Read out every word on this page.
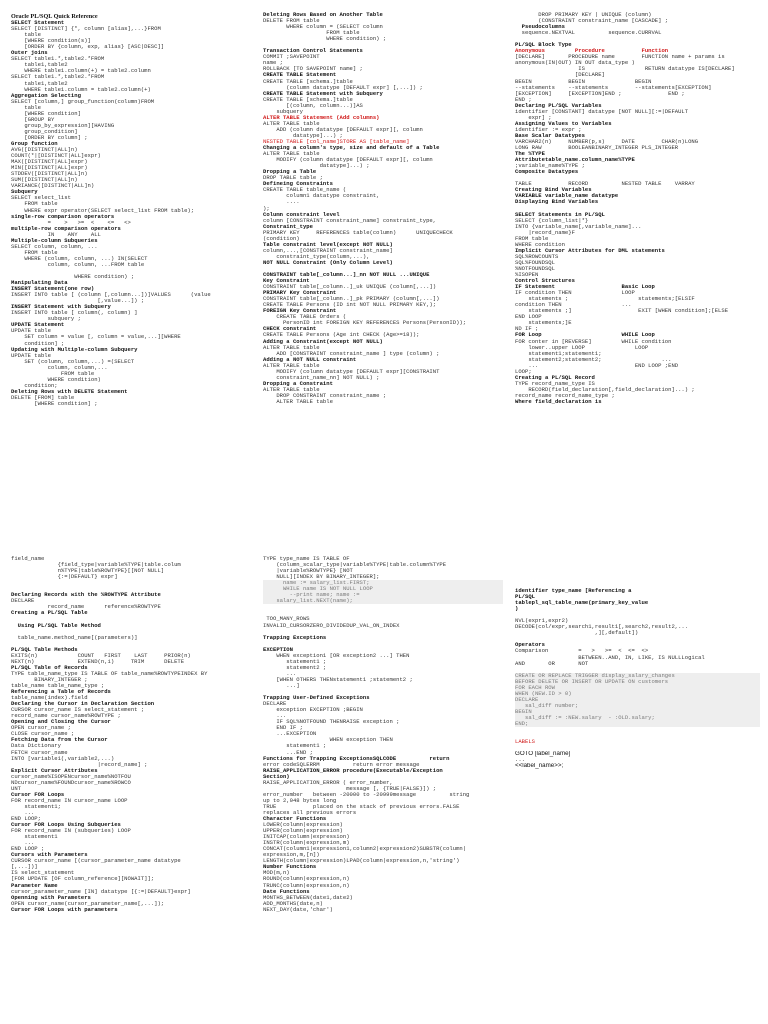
Oracle PL/SQL Quick Reference
SELECT Statement
SELECT [DISTINCT] {*, column [alias],...}FROM
table
[WHERE condition(s)]
[ORDER BY {column, exp, alias} [ASC|DESC]]
Outer joins
SELECT table1.*,table2.*FROM
table1,table2
WHERE table1.column(+) = table2.column
SELECT table1.*,table2.*FROM
table1,table2
WHERE table1.column = table2.column(+)
Aggregation Selecting
SELECT [column,] group_function(column)FROM
table
[WHERE condition]
[GROUP BY
group_by_expression][HAVING
group_condition]
[ORDER BY column] ;
Group function
AVG([DISTINCT|ALL]n)
COUNT(*|[DISTINCT|ALL]expr)
MAX([DISTINCT|ALL]expr)
MIN([DISTINCT|ALL]expr)
STDDEV([DISTINCT|ALL]n)
SUM([DISTINCT|ALL]n)
VARIANCE([DISTINCT|ALL]n)
Subquery
SELECT select_list
FROM table
WHERE expr operator(SELECT select_list FROM table);
single-row comparison operators
=    >   >=  <    <=   <>
multiple-row comparison operators
IN    ANY    ALL
Multiple-column Subqueries
SELECT column, column, ...
FROM table
WHERE (column, column, ...) IN(SELECT
column, column, ...FROM table
WHERE condition) ;
Manipulating Data
INSERT Statement(one row)
INSERT INTO table [ (column [,column...])]VALUES      (value
[,value...]) ;
INSERT Statement with Subquery
INSERT INTO table [ column(, column) ]
subquery ;
UPDATE Statement
UPDATE table
SET column = value [, column = value,...][WHERE
condition] ;
Updating with Multiple-column Subquery
UPDATE table
SET (column, column,...) =(SELECT
column, column,...
FROM table
WHERE condition)
condition;
Deleting Rows with DELETE Statement
DELETE [FROM] table
[WHERE condition] ;
Deleting Rows Based on Another Table
DELETE FROM table
WHERE column = (SELECT column
FROM table
WHERE condition) ;
Transaction Control Statements
COMMIT ;SAVEPOINT
name ;
ROLLBACK [TO SAVEPOINT name] ;
CREATE TABLE Statement
CREATE TABLE [schema.]table
(column datatype [DEFAULT expr] [,...]) ;
CREATE TABLE Statement with Subquery
CREATE TABLE [schema.]table
[(column, column...)]AS
subquery
ALTER TABLE Statement (Add columns)
ALTER TABLE table
ADD (column datatype [DEFAULT expr][, column
datatype]...) ;
NESTED TABLE [col_name]STORE AS [table_name]
Changing a column's type, size and default of a Table
ALTER TABLE table
MODIFY (column datatype [DEFAULT expr][, column
datatype]...) ;
Dropping a Table
DROP TABLE table ;
Defineing Constraints
CREATE TABLE table_name (
column1 datatype constraint,
....
);
Column constraint level
column [CONSTRAINT constraint_name] constraint_type,
Constraint_type
PRIMARY KEY     REFERENCES table(column)      UNIQUECHECK
(condition)
Table constraint level(except NOT NULL)
column,...,[CONSTRAINT constraint_name]
constraint_type(column,...),
NOT NULL Constraint (Only Column Level)
CONSTRAINT table[_column...]_nn NOT NULL ...UNIQUE
Key Constraint
CONSTRAINT table[_column..]_uk UNIQUE (column[,...])
PRIMARY Key Constraint
CONSTRAINT table[_column..]_pk PRIMARY (column[,...])
CREATE TABLE Persons (ID int NOT NULL PRIMARY KEY,);
FOREIGN Key Constraint
CREATE TABLE Orders (
PersonID int FOREIGN KEY REFERENCES Persons(PersonID));
CHECK constraint
CREATE TABLE Persons (Age int CHECK (Age>=18));
Adding a Constraint(except NOT NULL)
ALTER TABLE table
ADD [CONSTRAINT constraint_name ] type (column) ;
Adding a NOT NULL constraint
ALTER TABLE table
MODIFY (column datatype [DEFAULT expr][CONSTRAINT
constraint_name_nn] NOT NULL) ;
Dropping a Constraint
ALTER TABLE table
DROP CONSTRAINT constraint_name ;
ALTER TABLE table
DROP PRIMARY KEY | UNIQUE (column)
(CONSTRAINT constraint_name [CASCADE] ;
Pseudocolumns
sequence.NEXTVAL          sequence.CURRVAL
PL/SQL Block Type
Anonymous         Procedure           Function
[DECLARE]       PROCEDURE name        FUNCTION name + params is
anonymous(IN|OUT) IN OUT data_type )
IS                  RETURN datatype IS[DECLARE]
[DECLARE]
BEGIN           BEGIN               BEGIN
--statements    --statements        --statements[EXCEPTION]
[EXCEPTION]     [EXCEPTION]END ;              END ;
END ;
Declaring PL/SQL Variables
identifier [CONSTANT] datatype [NOT NULL][:=|DEFAULT
expr] ;
Assigning Values to Variables
identifier := expr ;
Base Scalar Datatypes
VARCHAR2(n)     NUMBER(p,s)     DATE        CHAR(n)LONG
LONG RAW        BOOLEANBINARY_INTEGER PLS_INTEGER
The %TYPE
Attributetable_name.column_name%TYPE
;variable_name%TYPE ;
Composite Datatypes
TABLE           RECORD          NESTED TABLE    VARRAY
Creating Bind Variables
VARIABLE variable_name datatype
Displaying Bind Variables
SELECT Statements in PL/SQL
SELECT {column_list|*}
INTO {variable_name[,variable_name]...
|record_name}F
FROM table
WHERE condition
Implicit Cursor Attributes for DML statements
SQL%ROWCOUNTS
SQL%FOUNDSQL
%NOTFOUNDSQL
%ISOPEN
Control Structures
IF Statement                    Basic Loop
IF condition THEN               LOOP
statements ;                     statements;[ELSIF
condition THEN                  ...
statements ;]                    EXIT [WHEN condition];[ELSE
END LOOP
statements;]E
ND IF ;
FOR Loop                        WHILE Loop
FOR conter in [REVERSE]         WHILE condition
lower..upper LOOP               LOOP
statement1;statement1;
statement2;statement2;                  ...
...                             END LOOP ;END
LOOP;
Creating a PL/SQL Record
TYPE record_name_type IS
RECORD(field_declaration[,field_declaration]...) ;
record_name record_name_type ;
Where field_declaration is
field_name
{field_type|variable%TYPE|table.colum
n%TYPE|table%ROWTYPE}[[NOT NULL]
{:=|DEFAULT} expr]
Declaring Records with the %ROWTYPE Attribute
DECLARE
record_name      reference%ROWTYPE
Creating a PL/SQL Table
Using PL/SQL Table Method
table_name.method_name[(parameters)]
PL/SQL Table Methods
EXITS(n)            COUNT   FIRST    LAST     PRIOR(n)
NEXT(n)             EXTEND(n,i)     TRIM      DELETE
PL/SQL Table of Records
TYPE table_name_type IS TABLE OF table_name%ROWTYPEINDEX BY
BINARY_INTEGER ;
table_name table_name_type ;
Referencing a Table of Records
table_name(index).field
Declaring the Cursor in Declaration Section
CURSOR cursor_name IS select_statement ;
record_name cursor_name%ROWTYPE ;
Opening and Closing the Cursor
OPEN cursor_name ;
CLOSE cursor_name ;
Fetching Data from the Cursor
Data Dictionary
FETCH cursor_name
INTO [variable1(,variable2,...)
|record_name] ;
Explicit Cursor Attributes
cursor_name%ISOPENcursor_name%NOTFOU
NDcursor_name%FOUNDcursor_name%ROWCO
UNT
Cursor FOR Loops
FOR record_name IN cursor_name LOOP
statement1;
...
END LOOP;
Cursor FOR Loops Using Subqueries
FOR record_name IN (subqueries) LOOP
statement1
...
END LOOP ;
Cursors with Parameters
CURSOR cursor_name [(cursor_parameter_name datatype
[,...])]
IS select_statement
[FOR UPDATE [OF column_reference][NOWAIT]];
Parameter Name
cursor_parameter_name [IN] datatype [{:=|DEFAULT}expr]
Openning with Parameters
OPEN cursor_name(cursor_parameter_name[,...]);
Cursor FOR Loops with parameters
TYPE type_name IS TABLE OF
(column_scalar_type|variable%TYPE|table.column%TYPE
|variable%ROWTYPE} [NOT
NULL][INDEX BY BINARY_INTEGER];
name := salary_list.FIRST;
WHILE name IS NOT NULL LOOP
--print name; name :=
salary_list.NEXT(name);
TOO_MANY_ROWS
INVALID_CURSORZERO_DIVIDEDUP_VAL_ON_INDEX
Trapping Exceptions
EXCEPTION
WHEN exception1 [OR exception2 ...] THEN
statement1 ;
statement2 ;
...
[WHEN OTHERS THENstatement1 ;statement2 ;
...]
Trapping User-Defined Exceptions
DECLARE
exception EXCEPTION ;BEGIN
...
IF SQL%NOTFOUND THENRAISE exception ;
END IF ;
...EXCEPTION
WHEN exception THEN
statement1 ;
...END ;
Functions for Trapping ExceptionsSQLCODE          return
error codeSQLERRM          return error message
RAISE_APPLICATION_ERROR procedure(Executable/Exception
Section)
RAISE_APPLICATION_ERROR ( error_number,
message [, {TRUE|FALSE}]) ;
error_number   between -20000 to -20999message          string
up to 2,048 bytes long
TRUE           placed on the stack of previous errors.FALSE
replaces all previous errors
Character Functions
LOWER(column|expression)
UPPER(column|expression)
INITCAP(column|expression)
INSTR(column|expression,m)
CONCAT(column1|expression1,column2|expression2)SUBSTR(column|
expression,m,[n])
LENGTH(column|expression)LPAD(column|expression,n,'string')
Number Functions
MOD(m,n)
ROUND(column|expression,n)
TRUNC(column|expression,n)
Date Functions
MONTHS_BETWEEN(date1,date2)
ADD_MONTHS(date,n)
NEXT_DAY(date,'char')
identifier type_name [Referencing a
PL/SQL
tablepl_sql_table_name(primary_key_value
)
NVL(expr1,expr2)
DECODE(col/expr,search1,result1[,search2,result2,...
,][,default])
Operators
Comparison         =   >   >=  <  <=  <>
BETWEEN..AND, IN, LIKE, IS NULLLogical
AND       OR       NOT
CREATE OR REPLACE TRIGGER display_salary_changes
BEFORE DELETE OR INSERT OR UPDATE ON customers
FOR EACH ROW
WHEN (NEW.ID > 0)
DECLARE
sal_diff number;
BEGIN
sal_diff := :NEW.salary  - :OLD.salary;
END;
LABELS
GOTO [label_name]
...
<<label_name>>;
